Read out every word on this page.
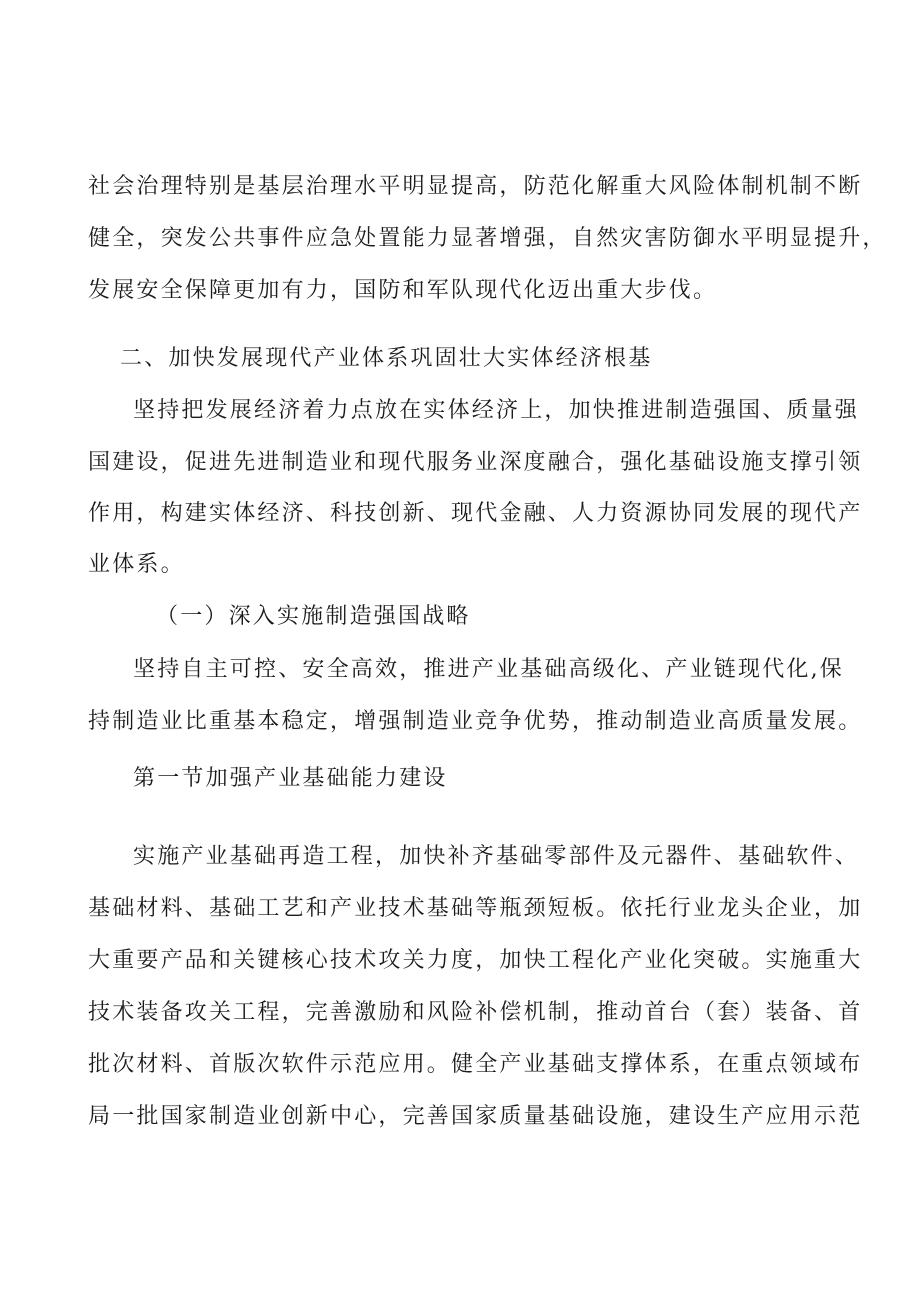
社会治理特别是基层治理水平明显提高，防范化解重大风险体制机制不断
健全，突发公共事件应急处置能力显著增强，自然灾害防御水平明显提升，
发展安全保障更加有力，国防和军队现代化迈出重大步伐。
二、加快发展现代产业体系巩固壮大实体经济根基
坚持把发展经济着力点放在实体经济上，加快推进制造强国、质量强
国建设，促进先进制造业和现代服务业深度融合，强化基础设施支撑引领
作用，构建实体经济、科技创新、现代金融、人力资源协同发展的现代产
业体系。
（一）深入实施制造强国战略
坚持自主可控、安全高效，推进产业基础高级化、产业链现代化,保
持制造业比重基本稳定，增强制造业竞争优势，推动制造业高质量发展。
第一节加强产业基础能力建设
实施产业基础再造工程，加快补齐基础零部件及元器件、基础软件、
基础材料、基础工艺和产业技术基础等瓶颈短板。依托行业龙头企业，加
大重要产品和关键核心技术攻关力度，加快工程化产业化突破。实施重大
技术装备攻关工程，完善激励和风险补偿机制，推动首台（套）装备、首
批次材料、首版次软件示范应用。健全产业基础支撑体系，在重点领域布
局一批国家制造业创新中心，完善国家质量基础设施，建设生产应用示范
